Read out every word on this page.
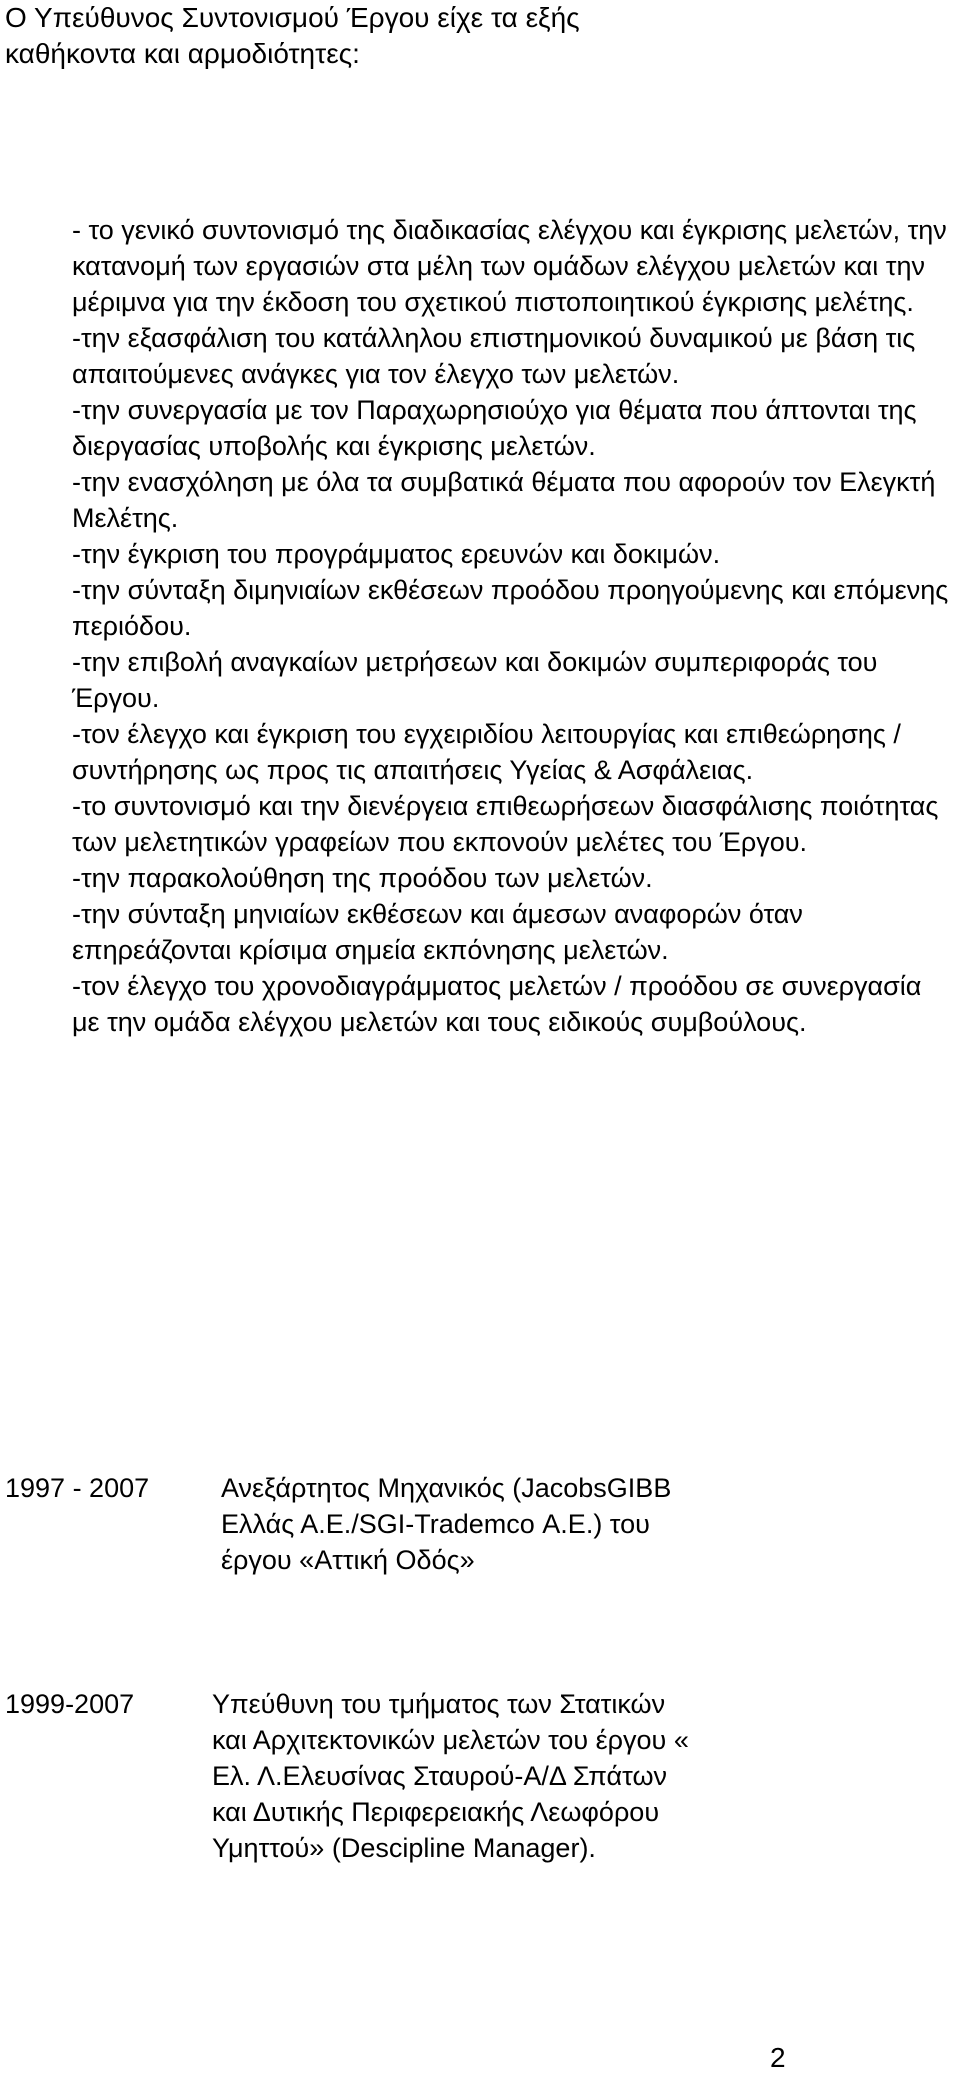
Ο Υπεύθυνος Συντονισμού Έργου είχε τα εξής
καθήκοντα και αρμοδιότητες:
- το γενικό συντονισμό της διαδικασίας ελέγχου και έγκρισης μελετών, την κατανομή των εργασιών στα μέλη των ομάδων ελέγχου μελετών και την μέριμνα για την έκδοση του σχετικού πιστοποιητικού έγκρισης μελέτης.
-την εξασφάλιση του κατάλληλου επιστημονικού δυναμικού με βάση τις απαιτούμενες ανάγκες για τον έλεγχο των μελετών.
-την συνεργασία με τον Παραχωρησιούχο για θέματα που άπτονται της διεργασίας υποβολής και έγκρισης μελετών.
-την ενασχόληση με όλα τα συμβατικά θέματα που αφορούν τον Ελεγκτή Μελέτης.
-την έγκριση του προγράμματος ερευνών και δοκιμών.
-την σύνταξη διμηνιαίων εκθέσεων προόδου προηγούμενης και επόμενης περιόδου.
-την επιβολή αναγκαίων μετρήσεων και δοκιμών συμπεριφοράς του Έργου.
-τον έλεγχο και έγκριση του εγχειριδίου λειτουργίας και επιθεώρησης / συντήρησης ως προς τις απαιτήσεις Υγείας & Ασφάλειας.
-το συντονισμό και την διενέργεια επιθεωρήσεων διασφάλισης ποιότητας των μελετητικών γραφείων που εκπονούν μελέτες του Έργου.
-την παρακολούθηση της προόδου των μελετών.
-την σύνταξη μηνιαίων εκθέσεων και άμεσων αναφορών όταν επηρεάζονται κρίσιμα σημεία εκπόνησης μελετών.
-τον έλεγχο του χρονοδιαγράμματος μελετών / προόδου σε συνεργασία με την ομάδα ελέγχου μελετών και τους ειδικούς συμβούλους.
1997 - 2007	Ανεξάρτητος Μηχανικός (JacobsGIBB
Ελλάς Α.Ε./SGI-Trademco Α.Ε.) του
έργου «Αττική Οδός»
1999-2007	Υπεύθυνη του τμήματος των Στατικών
και Αρχιτεκτονικών μελετών του έργου «
Ελ. Λ.Ελευσίνας Σταυρού-Α/Δ Σπάτων
και Δυτικής Περιφερειακής Λεωφόρου
Υμηττού» (Descipline Manager).
2
